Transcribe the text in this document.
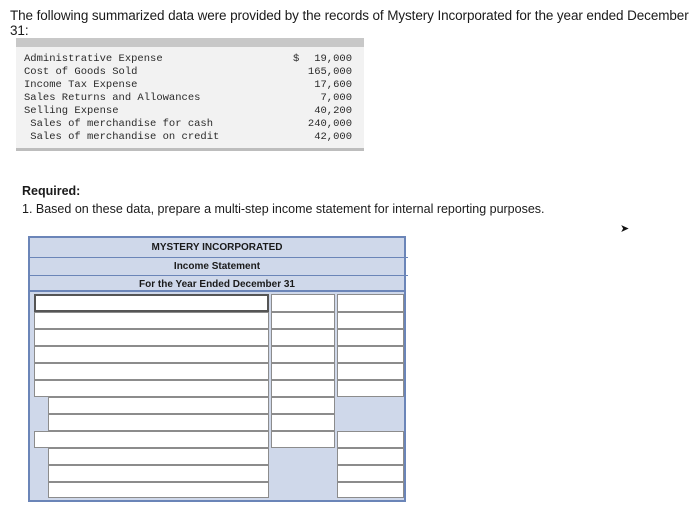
The following summarized data were provided by the records of Mystery Incorporated for the year ended December 31:
Administrative Expense	$ 19,000
Cost of Goods Sold	165,000
Income Tax Expense	17,600
Sales Returns and Allowances	7,000
Selling Expense	40,200
Sales of merchandise for cash	240,000
Sales of merchandise on credit	42,000
Required:
1. Based on these data, prepare a multi-step income statement for internal reporting purposes.
➤
MYSTERY INCORPORATED
Income Statement
For the Year Ended December 31
